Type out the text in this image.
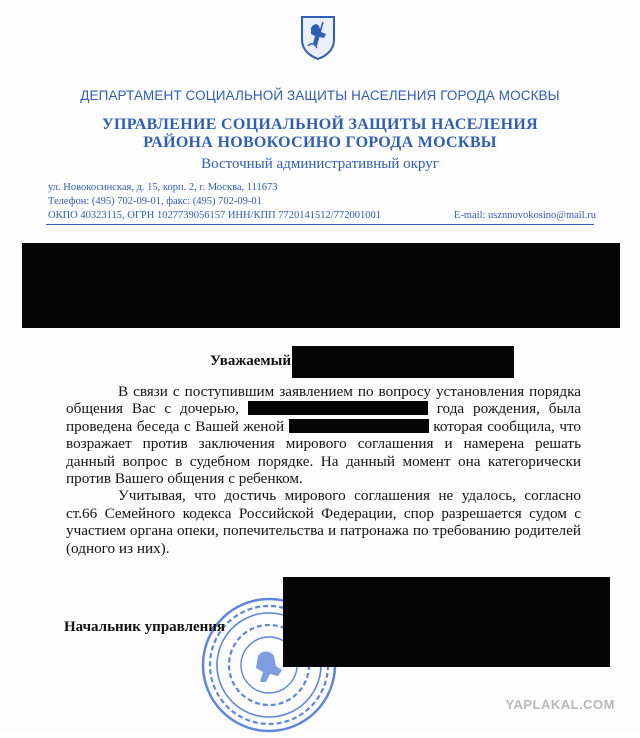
ДЕПАРТАМЕНТ СОЦИАЛЬНОЙ ЗАЩИТЫ НАСЕЛЕНИЯ ГОРОДА МОСКВЫ
УПРАВЛЕНИЕ СОЦИАЛЬНОЙ ЗАЩИТЫ НАСЕЛЕНИЯ
РАЙОНА НОВОКОСИНО ГОРОДА МОСКВЫ
Восточный административный округ
ул. Новокосинская, д. 15, корп. 2, г. Москва, 111673
Телефон: (495) 702-09-01, факс: (495) 702-09-01
ОКПО 40323115, ОГРН 1027739056157 ИНН/КПП 7720141512/772001001	E-mail: usznnovokosino@mail.ru
Уважаемый

В связи с поступившим заявлением по вопросу установления порядка общения Вас с дочерью,	года рождения, была проведена беседа с Вашей женой	которая сообщила, что возражает против заключения мирового соглашения и намерена решать данный вопрос в судебном порядке. На данный момент она категорически против Вашего общения с ребенком.

Учитывая, что достичь мирового соглашения не удалось, согласно ст.66 Семейного кодекса Российской Федерации, спор разрешается судом с участием органа опеки, попечительства и патронажа по требованию родителей (одного из них).

Начальник управления
YAPLAKAL.COM
